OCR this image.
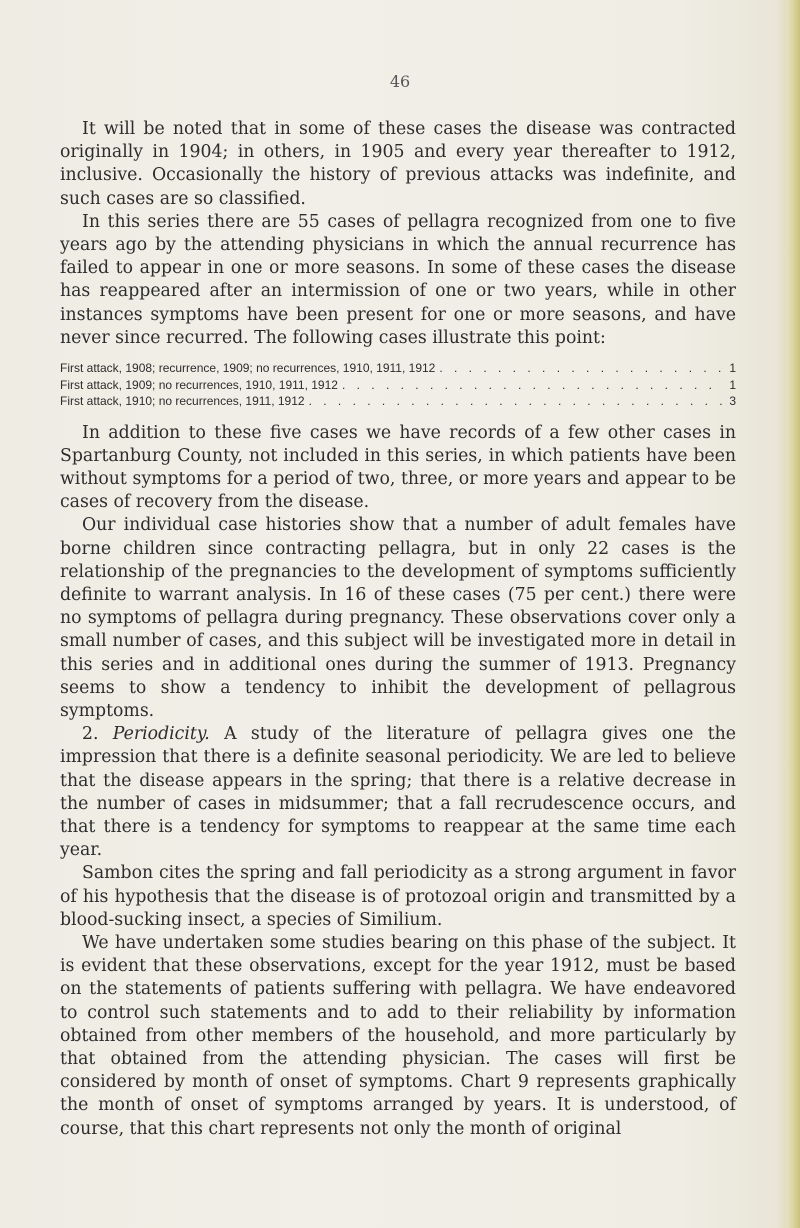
46

It will be noted that in some of these cases the disease was contracted originally in 1904; in others, in 1905 and every year thereafter to 1912, inclusive. Occasionally the history of previous attacks was indefinite, and such cases are so classified.

In this series there are 55 cases of pellagra recognized from one to five years ago by the attending physicians in which the annual recurrence has failed to appear in one or more seasons. In some of these cases the disease has reappeared after an intermission of one or two years, while in other instances symptoms have been present for one or more seasons, and have never since recurred. The following cases illustrate this point:

First attack, 1908; recurrence, 1909; no recurrences, 1910, 1911, 1912 . . .	1
First attack, 1909; no recurrences, 1910, 1911, 1912 . . .	1
First attack, 1910; no recurrences, 1911, 1912 . . .	3

In addition to these five cases we have records of a few other cases in Spartanburg County, not included in this series, in which patients have been without symptoms for a period of two, three, or more years and appear to be cases of recovery from the disease.

Our individual case histories show that a number of adult females have borne children since contracting pellagra, but in only 22 cases is the relationship of the pregnancies to the development of symptoms sufficiently definite to warrant analysis. In 16 of these cases (75 per cent.) there were no symptoms of pellagra during pregnancy. These observations cover only a small number of cases, and this subject will be investigated more in detail in this series and in additional ones during the summer of 1913. Pregnancy seems to show a tendency to inhibit the development of pellagrous symptoms.

2. Periodicity. A study of the literature of pellagra gives one the impression that there is a definite seasonal periodicity. We are led to believe that the disease appears in the spring; that there is a relative decrease in the number of cases in midsummer; that a fall recrudescence occurs, and that there is a tendency for symptoms to reappear at the same time each year.

Sambon cites the spring and fall periodicity as a strong argument in favor of his hypothesis that the disease is of protozoal origin and transmitted by a blood-sucking insect, a species of Similium.

We have undertaken some studies bearing on this phase of the subject. It is evident that these observations, except for the year 1912, must be based on the statements of patients suffering with pellagra. We have endeavored to control such statements and to add to their reliability by information obtained from other members of the household, and more particularly by that obtained from the attending physician. The cases will first be considered by month of onset of symptoms. Chart 9 represents graphically the month of onset of symptoms arranged by years. It is understood, of course, that this chart represents not only the month of original
